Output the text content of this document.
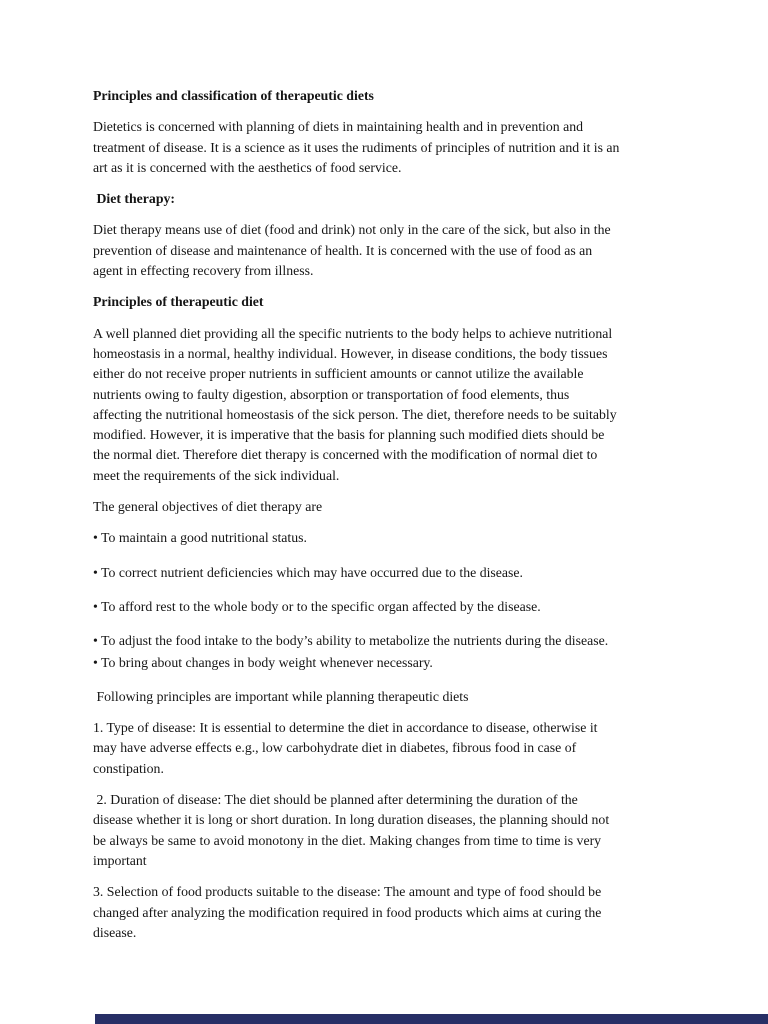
Principles and classification of therapeutic diets

Dietetics is concerned with planning of diets in maintaining health and in prevention and treatment of disease. It is a science as it uses the rudiments of principles of nutrition and it is an art as it is concerned with the aesthetics of food service.

Diet therapy:

Diet therapy means use of diet (food and drink) not only in the care of the sick, but also in the prevention of disease and maintenance of health. It is concerned with the use of food as an agent in effecting recovery from illness.

Principles of therapeutic diet

A well planned diet providing all the specific nutrients to the body helps to achieve nutritional homeostasis in a normal, healthy individual. However, in disease conditions, the body tissues either do not receive proper nutrients in sufficient amounts or cannot utilize the available nutrients owing to faulty digestion, absorption or transportation of food elements, thus affecting the nutritional homeostasis of the sick person. The diet, therefore needs to be suitably modified. However, it is imperative that the basis for planning such modified diets should be the normal diet. Therefore diet therapy is concerned with the modification of normal diet to meet the requirements of the sick individual.

The general objectives of diet therapy are

• To maintain a good nutritional status.

• To correct nutrient deficiencies which may have occurred due to the disease.

• To afford rest to the whole body or to the specific organ affected by the disease.

• To adjust the food intake to the body’s ability to metabolize the nutrients during the disease.

• To bring about changes in body weight whenever necessary.

Following principles are important while planning therapeutic diets

1. Type of disease: It is essential to determine the diet in accordance to disease, otherwise it may have adverse effects e.g., low carbohydrate diet in diabetes, fibrous food in case of constipation.

2. Duration of disease: The diet should be planned after determining the duration of the disease whether it is long or short duration. In long duration diseases, the planning should not be always be same to avoid monotony in the diet. Making changes from time to time is very important

3. Selection of food products suitable to the disease: The amount and type of food should be changed after analyzing the modification required in food products which aims at curing the disease.
